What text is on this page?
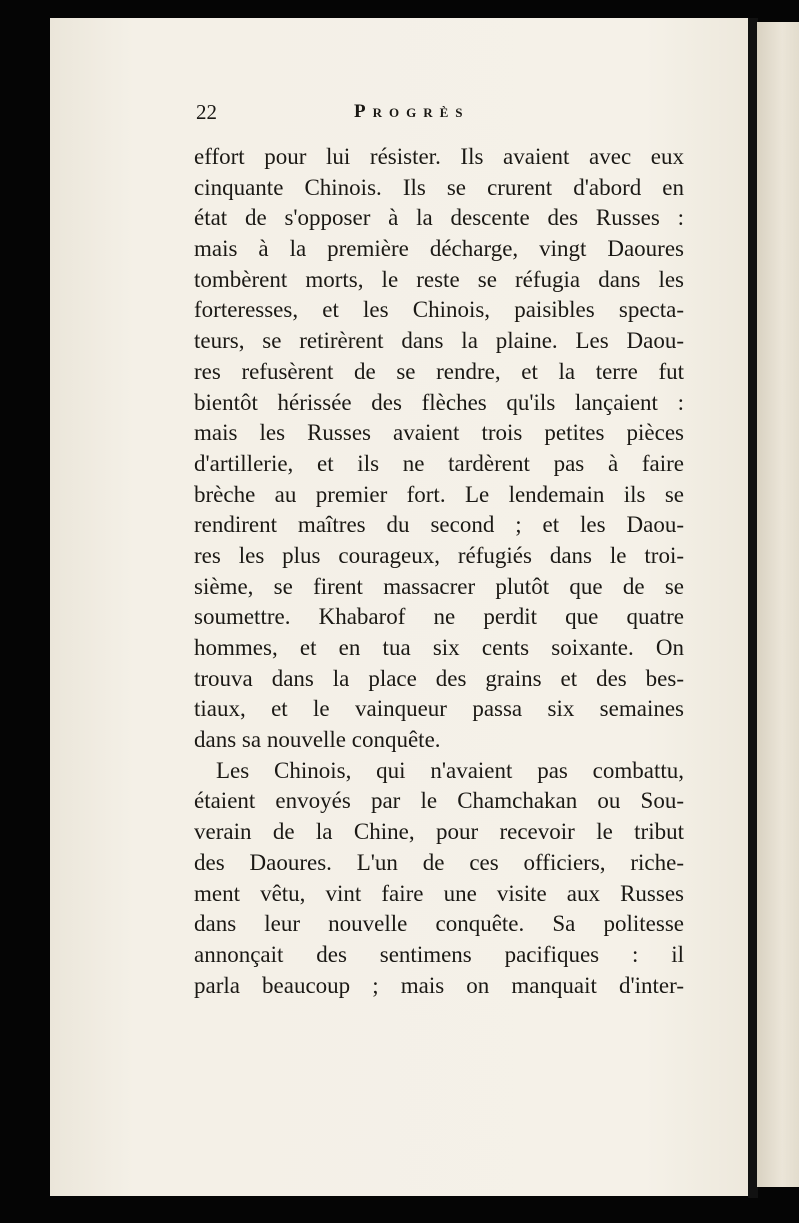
22	Progrès
effort pour lui résister. Ils avaient avec eux
cinquante Chinois. Ils se crurent d'abord en
état de s'opposer à la descente des Russes :
mais à la première décharge, vingt Daoures
tombèrent morts, le reste se réfugia dans les
forteresses, et les Chinois, paisibles specta-
teurs, se retirèrent dans la plaine. Les Daou-
res refusèrent de se rendre, et la terre fut
bientôt hérissée des flèches qu'ils lançaient :
mais les Russes avaient trois petites pièces
d'artillerie, et ils ne tardèrent pas à faire
brèche au premier fort. Le lendemain ils se
rendirent maîtres du second ; et les Daou-
res les plus courageux, réfugiés dans le troi-
sième, se firent massacrer plutôt que de se
soumettre. Khabarof ne perdit que quatre
hommes, et en tua six cents soixante. On
trouva dans la place des grains et des bes-
tiaux, et le vainqueur passa six semaines
dans sa nouvelle conquête.
Les Chinois, qui n'avaient pas combattu,
étaient envoyés par le Chamchakan ou Sou-
verain de la Chine, pour recevoir le tribut
des Daoures. L'un de ces officiers, riche-
ment vêtu, vint faire une visite aux Russes
dans leur nouvelle conquête. Sa politesse
annonçait des sentimens pacifiques : il
parla beaucoup ; mais on manquait d'inter-
